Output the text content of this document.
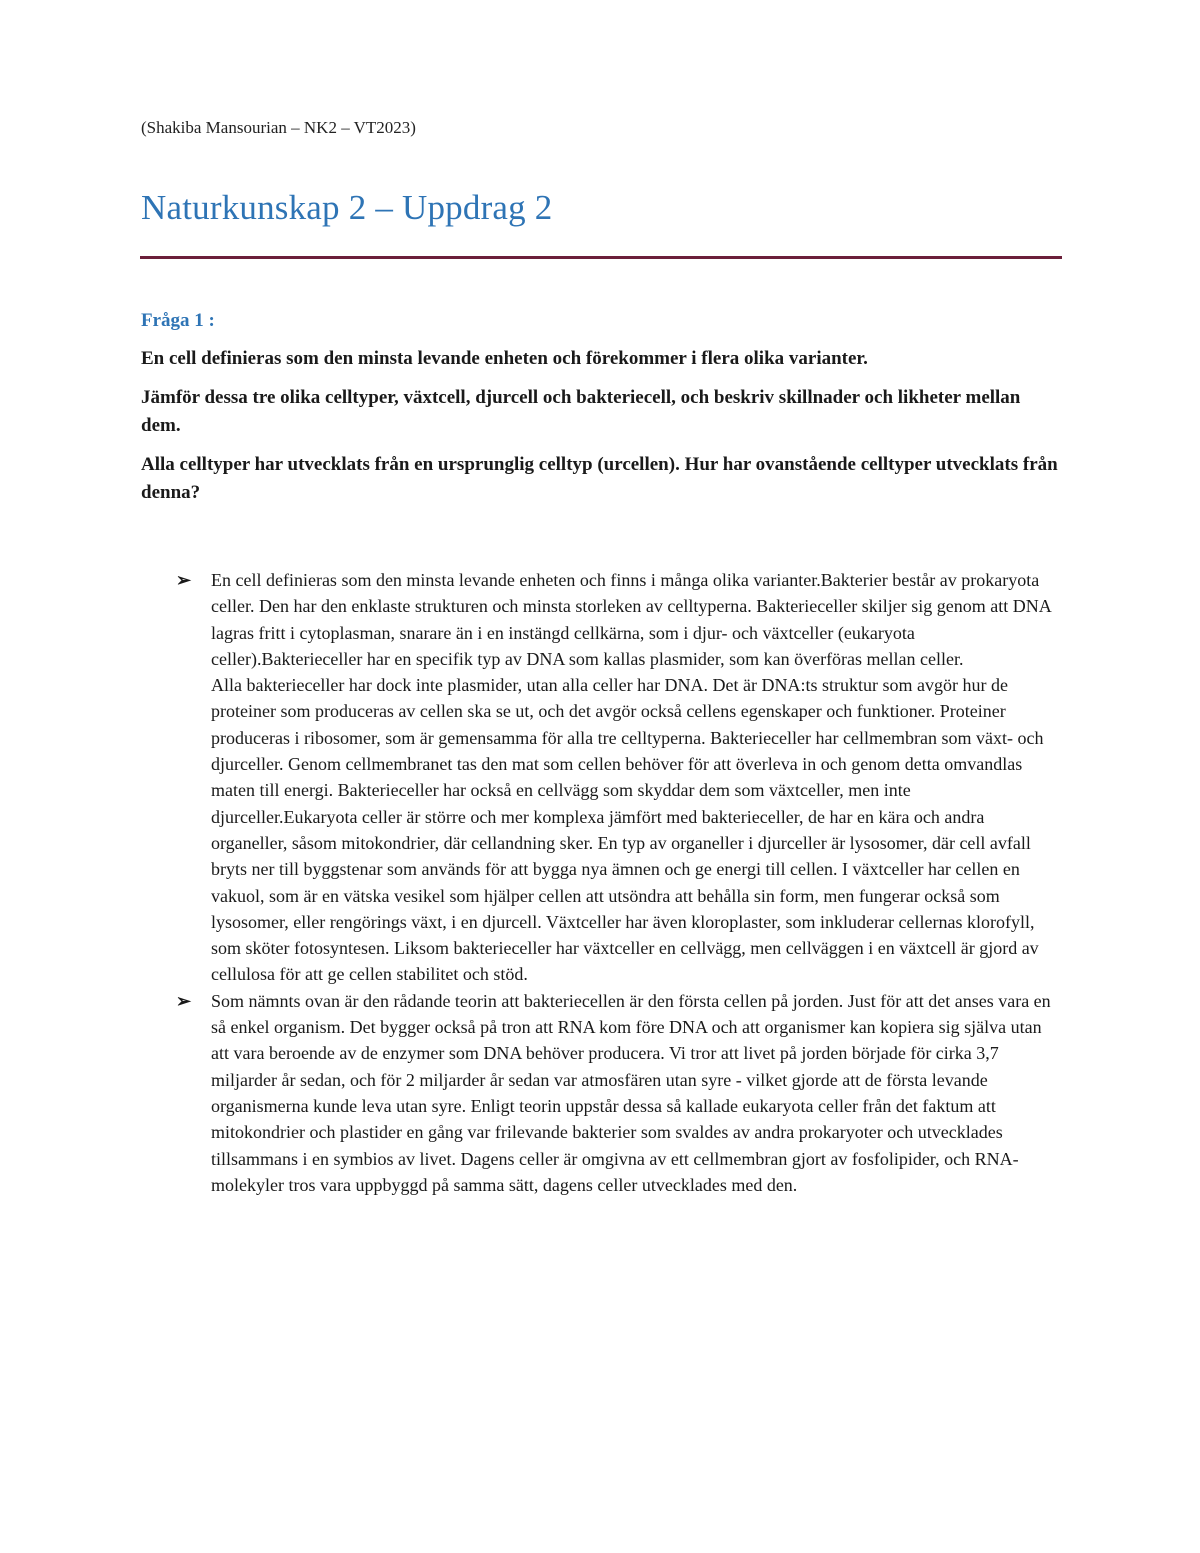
(Shakiba Mansourian – NK2 – VT2023)
Naturkunskap 2 – Uppdrag 2
Fråga 1 :

En cell definieras som den minsta levande enheten och förekommer i flera olika varianter.

Jämför dessa tre olika celltyper, växtcell, djurcell och bakteriecell, och beskriv skillnader och likheter mellan dem.

Alla celltyper har utvecklats från en ursprunglig celltyp (urcellen). Hur har ovanstående celltyper utvecklats från denna?

➢ En cell definieras som den minsta levande enheten och finns i många olika varianter.Bakterier består av prokaryota celler. Den har den enklaste strukturen och minsta storleken av celltyperna. Bakterieceller skiljer sig genom att DNA lagras fritt i cytoplasman, snarare än i en instängd cellkärna, som i djur- och växtceller (eukaryota celler).Bakterieceller har en specifik typ av DNA som kallas plasmider, som kan överföras mellan celler.
Alla bakterieceller har dock inte plasmider, utan alla celler har DNA. Det är DNA:ts struktur som avgör hur de proteiner som produceras av cellen ska se ut, och det avgör också cellens egenskaper och funktioner. Proteiner produceras i ribosomer, som är gemensamma för alla tre celltyperna. Bakterieceller har cellmembran som växt- och djurceller. Genom cellmembranet tas den mat som cellen behöver för att överleva in och genom detta omvandlas maten till energi. Bakterieceller har också en cellvägg som skyddar dem som växtceller, men inte djurceller.Eukaryota celler är större och mer komplexa jämfört med bakterieceller, de har en kära och andra organeller, såsom mitokondrier, där cellandning sker. En typ av organeller i djurceller är lysosomer, där cell avfall bryts ner till byggstenar som används för att bygga nya ämnen och ge energi till cellen. I växtceller har cellen en vakuol, som är en vätska vesikel som hjälper cellen att utsöndra att behålla sin form, men fungerar också som lysosomer, eller rengörings växt, i en djurcell. Växtceller har även kloroplaster, som inkluderar cellernas klorofyll, som sköter fotosyntesen. Liksom bakterieceller har växtceller en cellvägg, men cellväggen i en växtcell är gjord av cellulosa för att ge cellen stabilitet och stöd.
➢ Som nämnts ovan är den rådande teorin att bakteriecellen är den första cellen på jorden. Just för att det anses vara en så enkel organism. Det bygger också på tron att RNA kom före DNA och att organismer kan kopiera sig själva utan att vara beroende av de enzymer som DNA behöver producera. Vi tror att livet på jorden började för cirka 3,7 miljarder år sedan, och för 2 miljarder år sedan var atmosfären utan syre - vilket gjorde att de första levande organismerna kunde leva utan syre. Enligt teorin uppstår dessa så kallade eukaryota celler från det faktum att mitokondrier och plastider en gång var frilevande bakterier som svaldes av andra prokaryoter och utvecklades tillsammans i en symbios av livet. Dagens celler är omgivna av ett cellmembran gjort av fosfolipider, och RNA-molekyler tros vara uppbyggd på samma sätt, dagens celler utvecklades med den.
